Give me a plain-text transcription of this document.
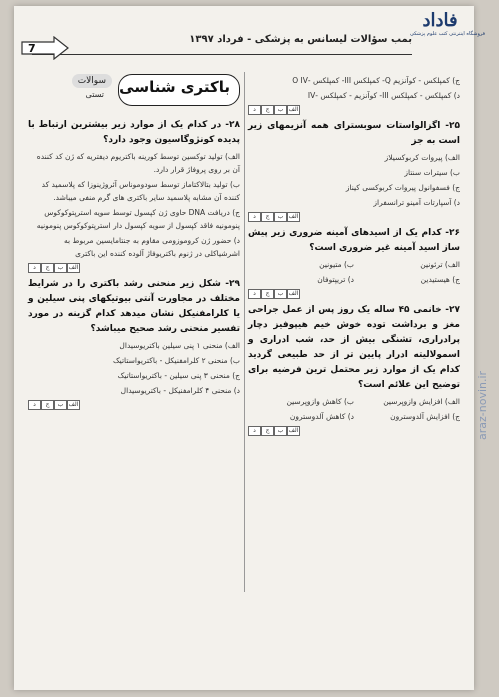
فاداد
فروشگاه اینترنتی کتب علوم پزشکی
بمب سؤالات لیسانس به پزشکی - فرداد ۱۳۹۷
7
ج) کمپلکس - کوآنزیم Q- کمپلکس III- کمپلکس -O IV
د) کمپلکس - کمپلکس III- کوآنزیم - کمپلکس -IV
الف
ب
ج
د
۲۵- اگزالواستات سوبسترای همه آنزیمهای زیر است به جز
الف) پیروات کربوکسیلاز
ب) سیترات سنتاز
ج) فسفوانول پیروات کربوکسی کیناز
د) آسپارتات آمینو ترانسفراز
الف
ب
ج
د
۲۶- کدام یک از اسیدهای آمینه ضروری زیر پیش ساز اسید آمینه غیر ضروری است؟
الف) ترئونین
ب) متیونین
ج) هیستیدین
د) تریپتوفان
الف
ب
ج
د
۲۷- خانمی ۴۵ ساله یک روز پس از عمل جراحی مغز و برداشت توده خوش خیم هیپوفیز دچار پرادراری، تشنگی بیش از حد، شب ادراری و اسمولالیته ادرار پایین تر از حد طبیعی گردید کدام یک از موارد زیر محتمل ترین فرضیه برای توضیح این علائم است؟
الف) افزایش وازوپرسین
ب) کاهش وازوپرسین
ج) افزایش آلدوسترون
د) کاهش آلدوسترون
الف
ب
ج
د
باکتری شناسی
سوالات
تستی
۲۸- در کدام یک از موارد زیر بیشترین ارتباط با پدیده کونژوگاسیون وجود دارد؟
الف) تولید توکسین توسط کورینه باکتریوم دیفتریه که ژن کد کننده آن بر روی پروفاژ قرار دارد.
ب) تولید بتالاکتاماز توسط سودوموناس آئروژینوزا که پلاسمید کد کننده آن مشابه پلاسمید سایر باکتری های گرم منفی میباشد.
ج) دریافت DNA حاوی ژن کپسول توسط سویه استرپتوکوکوس پنومونیه فاقد کپسول از سویه کپسول دار استرپتوکوکوس پنومونیه
د) حضور ژن کروموزومی مقاوم به جنتامایسین مربوط به اشرشیاکلی در ژنوم باکتریوفاژ آلوده کننده این باکتری
الف
ب
ج
د
۲۹- شکل زیر منحنی رشد باکتری را در شرایط مختلف در مجاورت آنتی بیوتیکهای پنی سیلین و یا کلرامفنیکل نشان میدهد کدام گزینه در مورد تفسیر منحنی رشد صحیح میباشد؟
الف) منحنی ۱ پنی سیلین باکتریوسیدال
ب) منحنی ۲ کلرامفنیکل - باکتریواستاتیک
ج) منحنی ۳ پنی سیلین - باکتریواستاتیک
د) منحنی ۴ کلرامفنیکل - باکتریوسیدال
الف
ب
ج
د	araz-novin.ir
